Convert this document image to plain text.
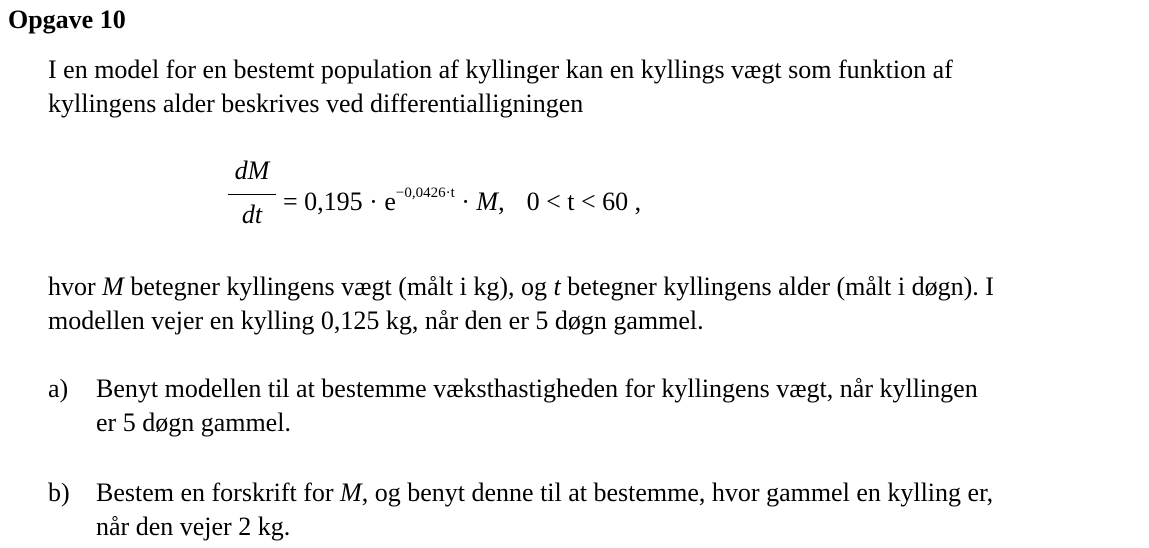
Opgave 10
I en model for en bestemt population af kyllinger kan en kyllings vægt som funktion af
kyllingens alder beskrives ved differentialligningen
dM
dt = $0,195 \cdot e^{-0,0426\cdot t} \cdot M$, 0 < t < 60 ,
hvor M betegner kyllingens vægt (målt i kg), og t betegner kyllingens alder (målt i døgn). I
modellen vejer en kylling 0,125 kg, når den er 5 døgn gammel.
a) Benyt modellen til at bestemme væksthastigheden for kyllingens vægt, når kyllingen
er 5 døgn gammel.
b) Bestem en forskrift for M, og benyt denne til at bestemme, hvor gammel en kylling er,
når den vejer 2 kg.
